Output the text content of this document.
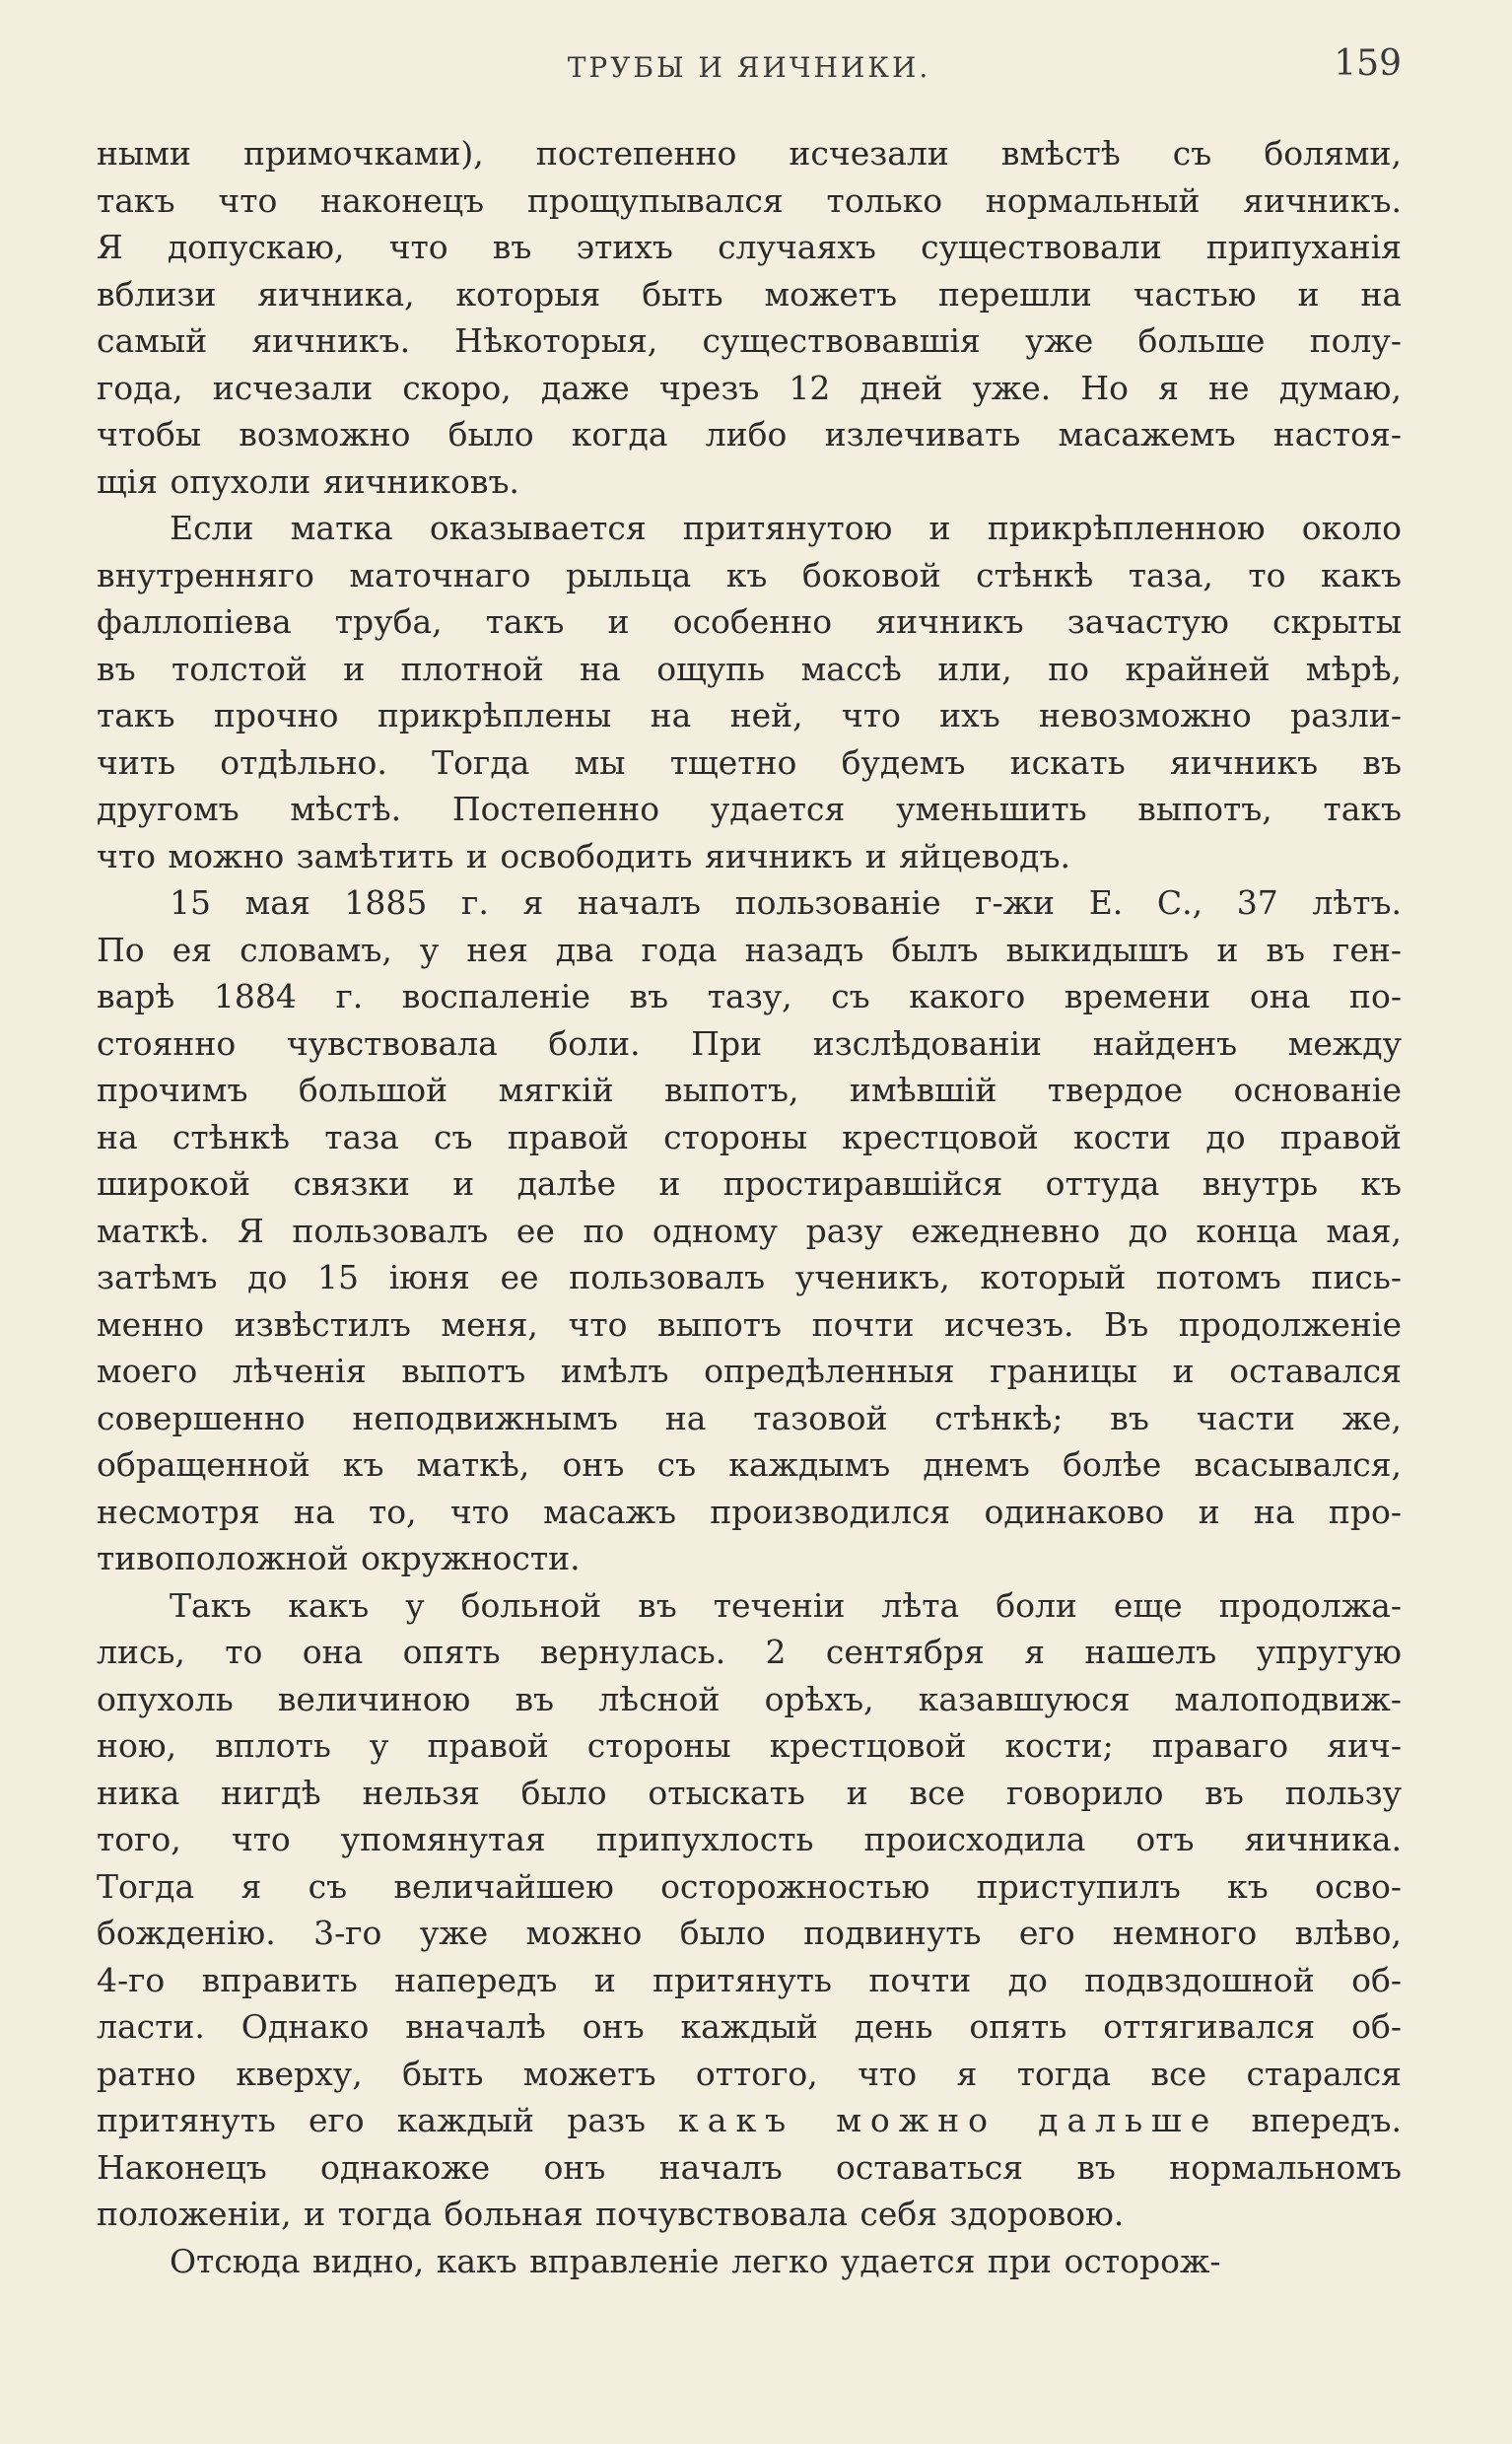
ТРУБЫ И ЯИЧНИКИ.	159
ными примочками), постепенно исчезали вмѣстѣ съ болями,
такъ что наконецъ прощупывался только нормальный яичникъ.
Я допускаю, что въ этихъ случаяхъ существовали припуханія
вблизи яичника, которыя быть можетъ перешли частью и на
самый яичникъ. Нѣкоторыя, существовавшія уже больше полу-
года, исчезали скоро, даже чрезъ 12 дней уже. Но я не думаю,
чтобы возможно было когда либо излечивать масажемъ настоя-
щія опухоли яичниковъ.
Если матка оказывается притянутою и прикрѣпленною около
внутренняго маточнаго рыльца къ боковой стѣнкѣ таза, то какъ
фаллопіева труба, такъ и особенно яичникъ зачастую скрыты
въ толстой и плотной на ощупь массѣ или, по крайней мѣрѣ,
такъ прочно прикрѣплены на ней, что ихъ невозможно разли-
чить отдѣльно. Тогда мы тщетно будемъ искать яичникъ въ
другомъ мѣстѣ. Постепенно удается уменьшить выпотъ, такъ
что можно замѣтить и освободить яичникъ и яйцеводъ.
15 мая 1885 г. я началъ пользованіе г-жи Е. С., 37 лѣтъ.
По ея словамъ, у нея два года назадъ былъ выкидышъ и въ ген-
варѣ 1884 г. воспаленіе въ тазу, съ какого времени она по-
стоянно чувствовала боли. При изслѣдованіи найденъ между
прочимъ большой мягкій выпотъ, имѣвшій твердое основаніе
на стѣнкѣ таза съ правой стороны крестцовой кости до правой
широкой связки и далѣе и простиравшійся оттуда внутрь къ
маткѣ. Я пользовалъ ее по одному разу ежедневно до конца мая,
затѣмъ до 15 іюня ее пользовалъ ученикъ, который потомъ пись-
менно извѣстилъ меня, что выпотъ почти исчезъ. Въ продолженіе
моего лѣченія выпотъ имѣлъ опредѣленныя границы и оставался
совершенно неподвижнымъ на тазовой стѣнкѣ; въ части же,
обращенной къ маткѣ, онъ съ каждымъ днемъ болѣе всасывался,
несмотря на то, что масажъ производился одинаково и на про-
тивоположной окружности.
Такъ какъ у больной въ теченіи лѣта боли еще продолжа-
лись, то она опять вернулась. 2 сентября я нашелъ упругую
опухоль величиною въ лѣсной орѣхъ, казавшуюся малоподвиж-
ною, вплоть у правой стороны крестцовой кости; праваго яич-
ника нигдѣ нельзя было отыскать и все говорило въ пользу
того, что упомянутая припухлость происходила отъ яичника.
Тогда я съ величайшею осторожностью приступилъ къ осво-
божденію. 3-го уже можно было подвинуть его немного влѣво,
4-го вправить напередъ и притянуть почти до подвздошной об-
ласти. Однако вначалѣ онъ каждый день опять оттягивался об-
ратно кверху, быть можетъ оттого, что я тогда все старался
притянуть его каждый разъ какъ можно дальше впередъ.
Наконецъ однакоже онъ началъ оставаться въ нормальномъ
положеніи, и тогда больная почувствовала себя здоровою.
Отсюда видно, какъ вправленіе легко удается при осторож-
